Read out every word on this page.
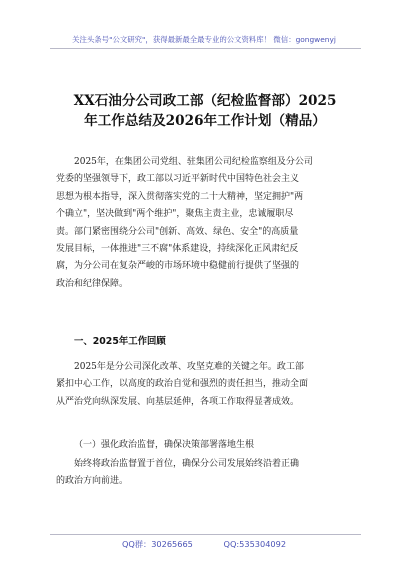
关注头条号"公文研究"，获得最新最全最专业的公文资料库！ 微信：gongwenyj
XX石油分公司政工部（纪检监督部）2025
年工作总结及2026年工作计划（精品）
　　2025年，在集团公司党组、驻集团公司纪检监察组及分公司
党委的坚强领导下，政工部以习近平新时代中国特色社会主义
思想为根本指导，深入贯彻落实党的二十大精神，坚定拥护"两
个确立"，坚决做到"两个维护"，聚焦主责主业，忠诚履职尽
责。部门紧密围绕分公司"创新、高效、绿色、安全"的高质量
发展目标，一体推进"三不腐"体系建设，持续深化正风肃纪反
腐，为分公司在复杂严峻的市场环境中稳健前行提供了坚强的
政治和纪律保障。
一、2025年工作回顾
　　2025年是分公司深化改革、攻坚克难的关键之年。政工部
紧扣中心工作，以高度的政治自觉和强烈的责任担当，推动全面
从严治党向纵深发展、向基层延伸，各项工作取得显著成效。
（一）强化政治监督，确保决策部署落地生根
　　始终将政治监督置于首位，确保分公司发展始终沿着正确
的政治方向前进。
QQ群：30265665	QQ:535304092
